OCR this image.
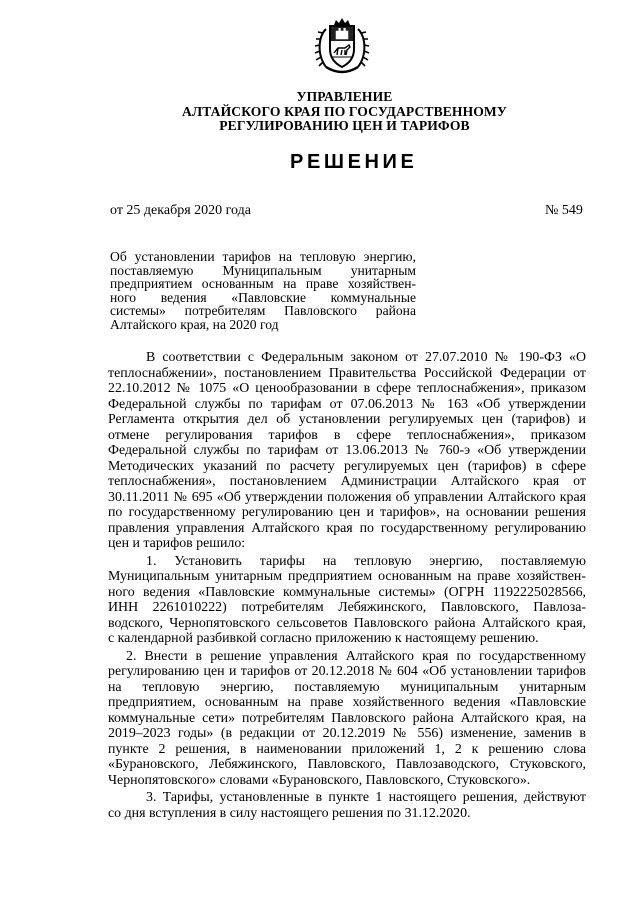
УПРАВЛЕНИЕ
АЛТАЙСКОГО КРАЯ ПО ГОСУДАРСТВЕННОМУ
РЕГУЛИРОВАНИЮ ЦЕН И ТАРИФОВ
РЕШЕНИЕ
от 25 декабря 2020 года	№ 549
Об установлении тарифов на тепловую энергию,
поставляемую Муниципальным унитарным
предприятием основанным на праве хозяйствен-
ного ведения «Павловские коммунальные
системы» потребителям Павловского района
Алтайского края, на 2020 год
В соответствии с Федеральным законом от 27.07.2010 № 190-ФЗ «О
теплоснабжении», постановлением Правительства Российской Федерации от
22.10.2012 № 1075 «О ценообразовании в сфере теплоснабжения», приказом
Федеральной службы по тарифам от 07.06.2013 № 163 «Об утверждении
Регламента открытия дел об установлении регулируемых цен (тарифов) и
отмене регулирования тарифов в сфере теплоснабжения», приказом
Федеральной службы по тарифам от 13.06.2013 № 760-э «Об утверждении
Методических указаний по расчету регулируемых цен (тарифов) в сфере
теплоснабжения», постановлением Администрации Алтайского края от
30.11.2011 № 695 «Об утверждении положения об управлении Алтайского края
по государственному регулированию цен и тарифов», на основании решения
правления управления Алтайского края по государственному регулированию
цен и тарифов решило:
1. Установить тарифы на тепловую энергию, поставляемую
Муниципальным унитарным предприятием основанным на праве хозяйствен-
ного ведения «Павловские коммунальные системы» (ОГРН 1192225028566,
ИНН 2261010222) потребителям Лебяжинского, Павловского, Павлоза-
водского, Чернопятовского сельсоветов Павловского района Алтайского края,
с календарной разбивкой согласно приложению к настоящему решению.
2. Внести в решение управления Алтайского края по государственному
регулированию цен и тарифов от 20.12.2018 № 604 «Об установлении тарифов
на тепловую энергию, поставляемую муниципальным унитарным
предприятием, основанным на праве хозяйственного ведения «Павловские
коммунальные сети» потребителям Павловского района Алтайского края, на
2019–2023 годы» (в редакции от 20.12.2019 № 556) изменение, заменив в
пункте 2 решения, в наименовании приложений 1, 2 к решению слова
«Бурановского, Лебяжинского, Павловского, Павлозаводского, Стуковского,
Чернопятовского» словами «Бурановского, Павловского, Стуковского».
3. Тарифы, установленные в пункте 1 настоящего решения, действуют
со дня вступления в силу настоящего решения по 31.12.2020.
